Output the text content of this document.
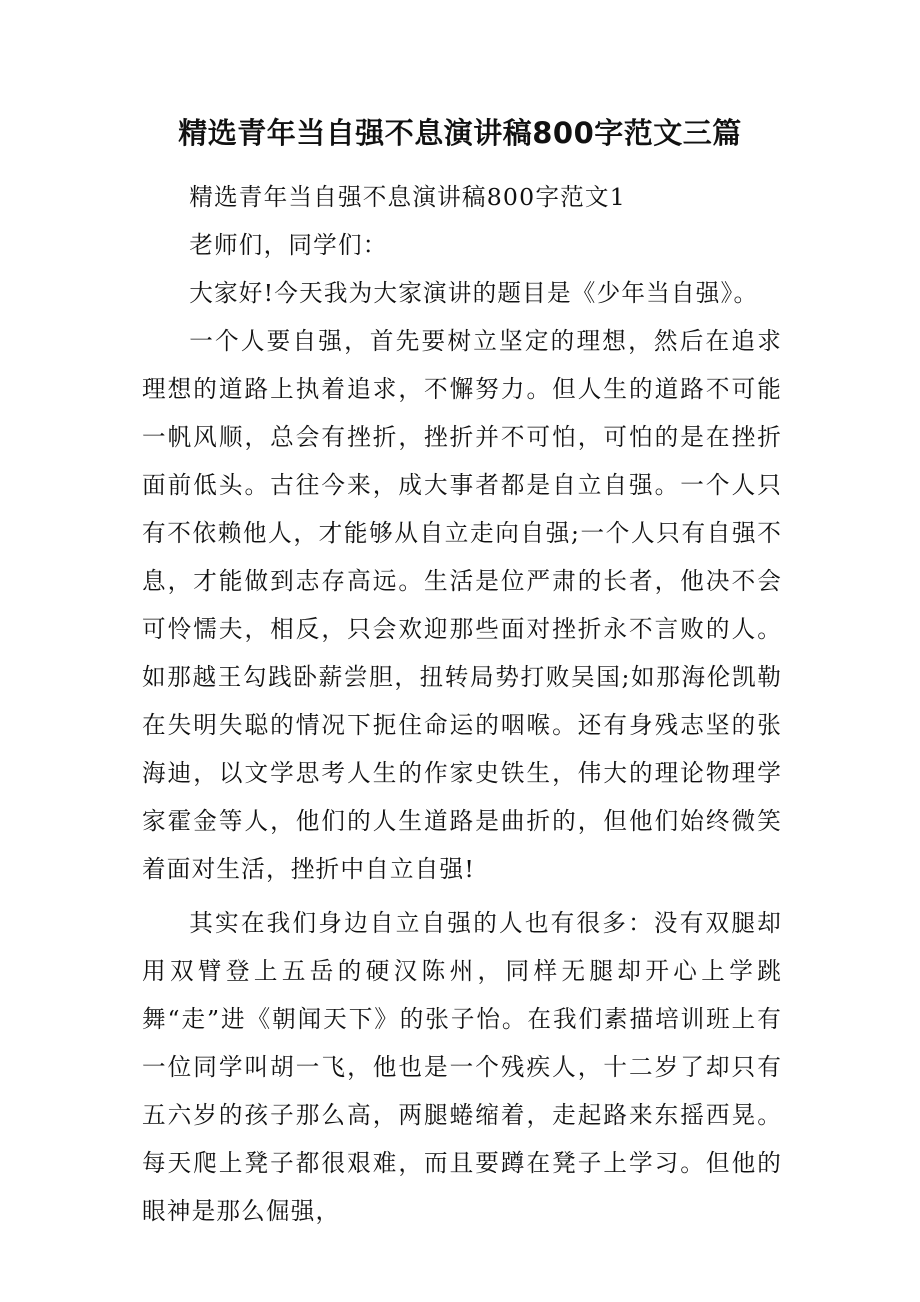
精选青年当自强不息演讲稿800字范文三篇

精选青年当自强不息演讲稿800字范文1

老师们，同学们：

大家好!今天我为大家演讲的题目是《少年当自强》。

一个人要自强，首先要树立坚定的理想，然后在追求理想的道路上执着追求，不懈努力。但人生的道路不可能一帆风顺，总会有挫折，挫折并不可怕，可怕的是在挫折面前低头。古往今来，成大事者都是自立自强。一个人只有不依赖他人，才能够从自立走向自强;一个人只有自强不息，才能做到志存高远。生活是位严肃的长者，他决不会可怜懦夫，相反，只会欢迎那些面对挫折永不言败的人。如那越王勾践卧薪尝胆，扭转局势打败吴国;如那海伦凯勒在失明失聪的情况下扼住命运的咽喉。还有身残志坚的张海迪，以文学思考人生的作家史铁生，伟大的理论物理学家霍金等人，他们的人生道路是曲折的，但他们始终微笑着面对生活，挫折中自立自强!

其实在我们身边自立自强的人也有很多：没有双腿却用双臂登上五岳的硬汉陈州，同样无腿却开心上学跳舞“走”进《朝闻天下》的张子怡。在我们素描培训班上有一位同学叫胡一飞，他也是一个残疾人，十二岁了却只有五六岁的孩子那么高，两腿蜷缩着，走起路来东摇西晃。每天爬上凳子都很艰难，而且要蹲在凳子上学习。但他的眼神是那么倔强，
